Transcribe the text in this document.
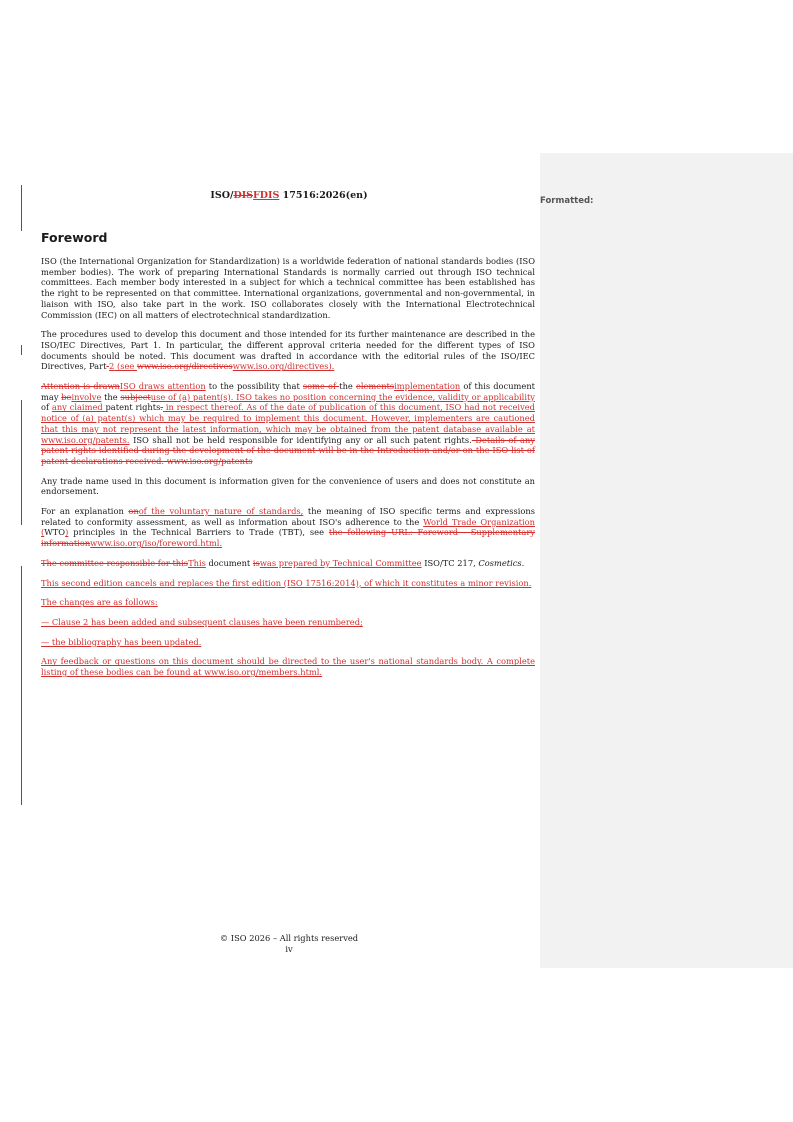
Formatted:
ISO/DISFDIS 17516:2026(en)
Foreword

ISO (the International Organization for Standardization) is a worldwide federation of national standards bodies (ISO member bodies). The work of preparing International Standards is normally carried out through ISO technical committees. Each member body interested in a subject for which a technical committee has been established has the right to be represented on that committee. International organizations, governmental and non-governmental, in liaison with ISO, also take part in the work. ISO collaborates closely with the International Electrotechnical Commission (IEC) on all matters of electrotechnical standardization.

The procedures used to develop this document and those intended for its further maintenance are described in the ISO/IEC Directives, Part 1. In particular, the different approval criteria needed for the different types of ISO documents should be noted. This document was drafted in accordance with the editorial rules of the ISO/IEC Directives, Part 2 (see www.iso.org/directiveswww.iso.org/directives).

Attention is drawnISO draws attention to the possibility that some of the elementsimplementation of this document may beinvolve the subjectuse of (a) patent(s). ISO takes no position concerning the evidence, validity or applicability of any claimed patent rights. in respect thereof. As of the date of publication of this document, ISO had not received notice of (a) patent(s) which may be required to implement this document. However, implementers are cautioned that this may not represent the latest information, which may be obtained from the patent database available at www.iso.org/patents. ISO shall not be held responsible for identifying any or all such patent rights. Details of any patent rights identified during the development of the document will be in the Introduction and/or on the ISO list of patent declarations received. www.iso.org/patents

Any trade name used in this document is information given for the convenience of users and does not constitute an endorsement.

For an explanation onof the voluntary nature of standards, the meaning of ISO specific terms and expressions related to conformity assessment, as well as information about ISO's adherence to the World Trade Organization (WTO) principles in the Technical Barriers to Trade (TBT), see the following URL: Foreword - Supplementary informationwww.iso.org/iso/foreword.html.

The committee responsible for thisThis document iswas prepared by Technical Committee ISO/TC 217, Cosmetics.

This second edition cancels and replaces the first edition (ISO 17516:2014), of which it constitutes a minor revision.

The changes are as follows:

— Clause 2 has been added and subsequent clauses have been renumbered;

— the bibliography has been updated.

Any feedback or questions on this document should be directed to the user's national standards body. A complete listing of these bodies can be found at www.iso.org/members.html.

© ISO 2026 – All rights reserved
iv
